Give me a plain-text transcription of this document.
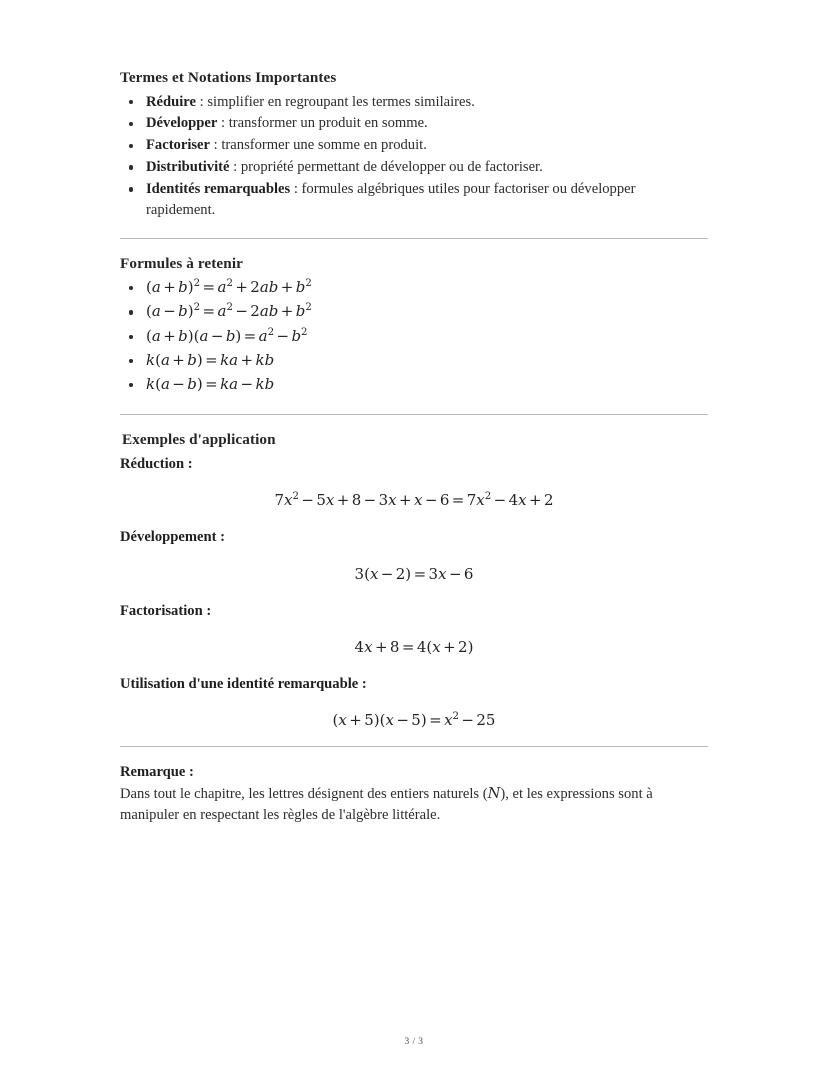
Termes et Notations Importantes
Réduire : simplifier en regroupant les termes similaires.
Développer : transformer un produit en somme.
Factoriser : transformer une somme en produit.
Distributivité : propriété permettant de développer ou de factoriser.
Identités remarquables : formules algébriques utiles pour factoriser ou développer rapidement.
Formules à retenir
$(a + b)^2 = a^2 + 2ab + b^2$
$(a - b)^2 = a^2 - 2ab + b^2$
$(a + b)(a - b) = a^2 - b^2$
k(a + b) = ka + kb
k(a − b) = ka − kb
Exemples d'application

Réduction :

$7x^2 - 5x + 8 - 3x + x - 6 = 7x^2 - 4x + 2$

Développement :

3(x − 2) = 3x − 6

Factorisation :

4x + 8 = 4(x + 2)

Utilisation d'une identité remarquable :

$(x + 5)(x - 5) = x^2 - 25$

Remarque :

Dans tout le chapitre, les lettres désignent des entiers naturels (N), et les expressions sont à manipuler en respectant les règles de l'algèbre littérale.

3 / 3
